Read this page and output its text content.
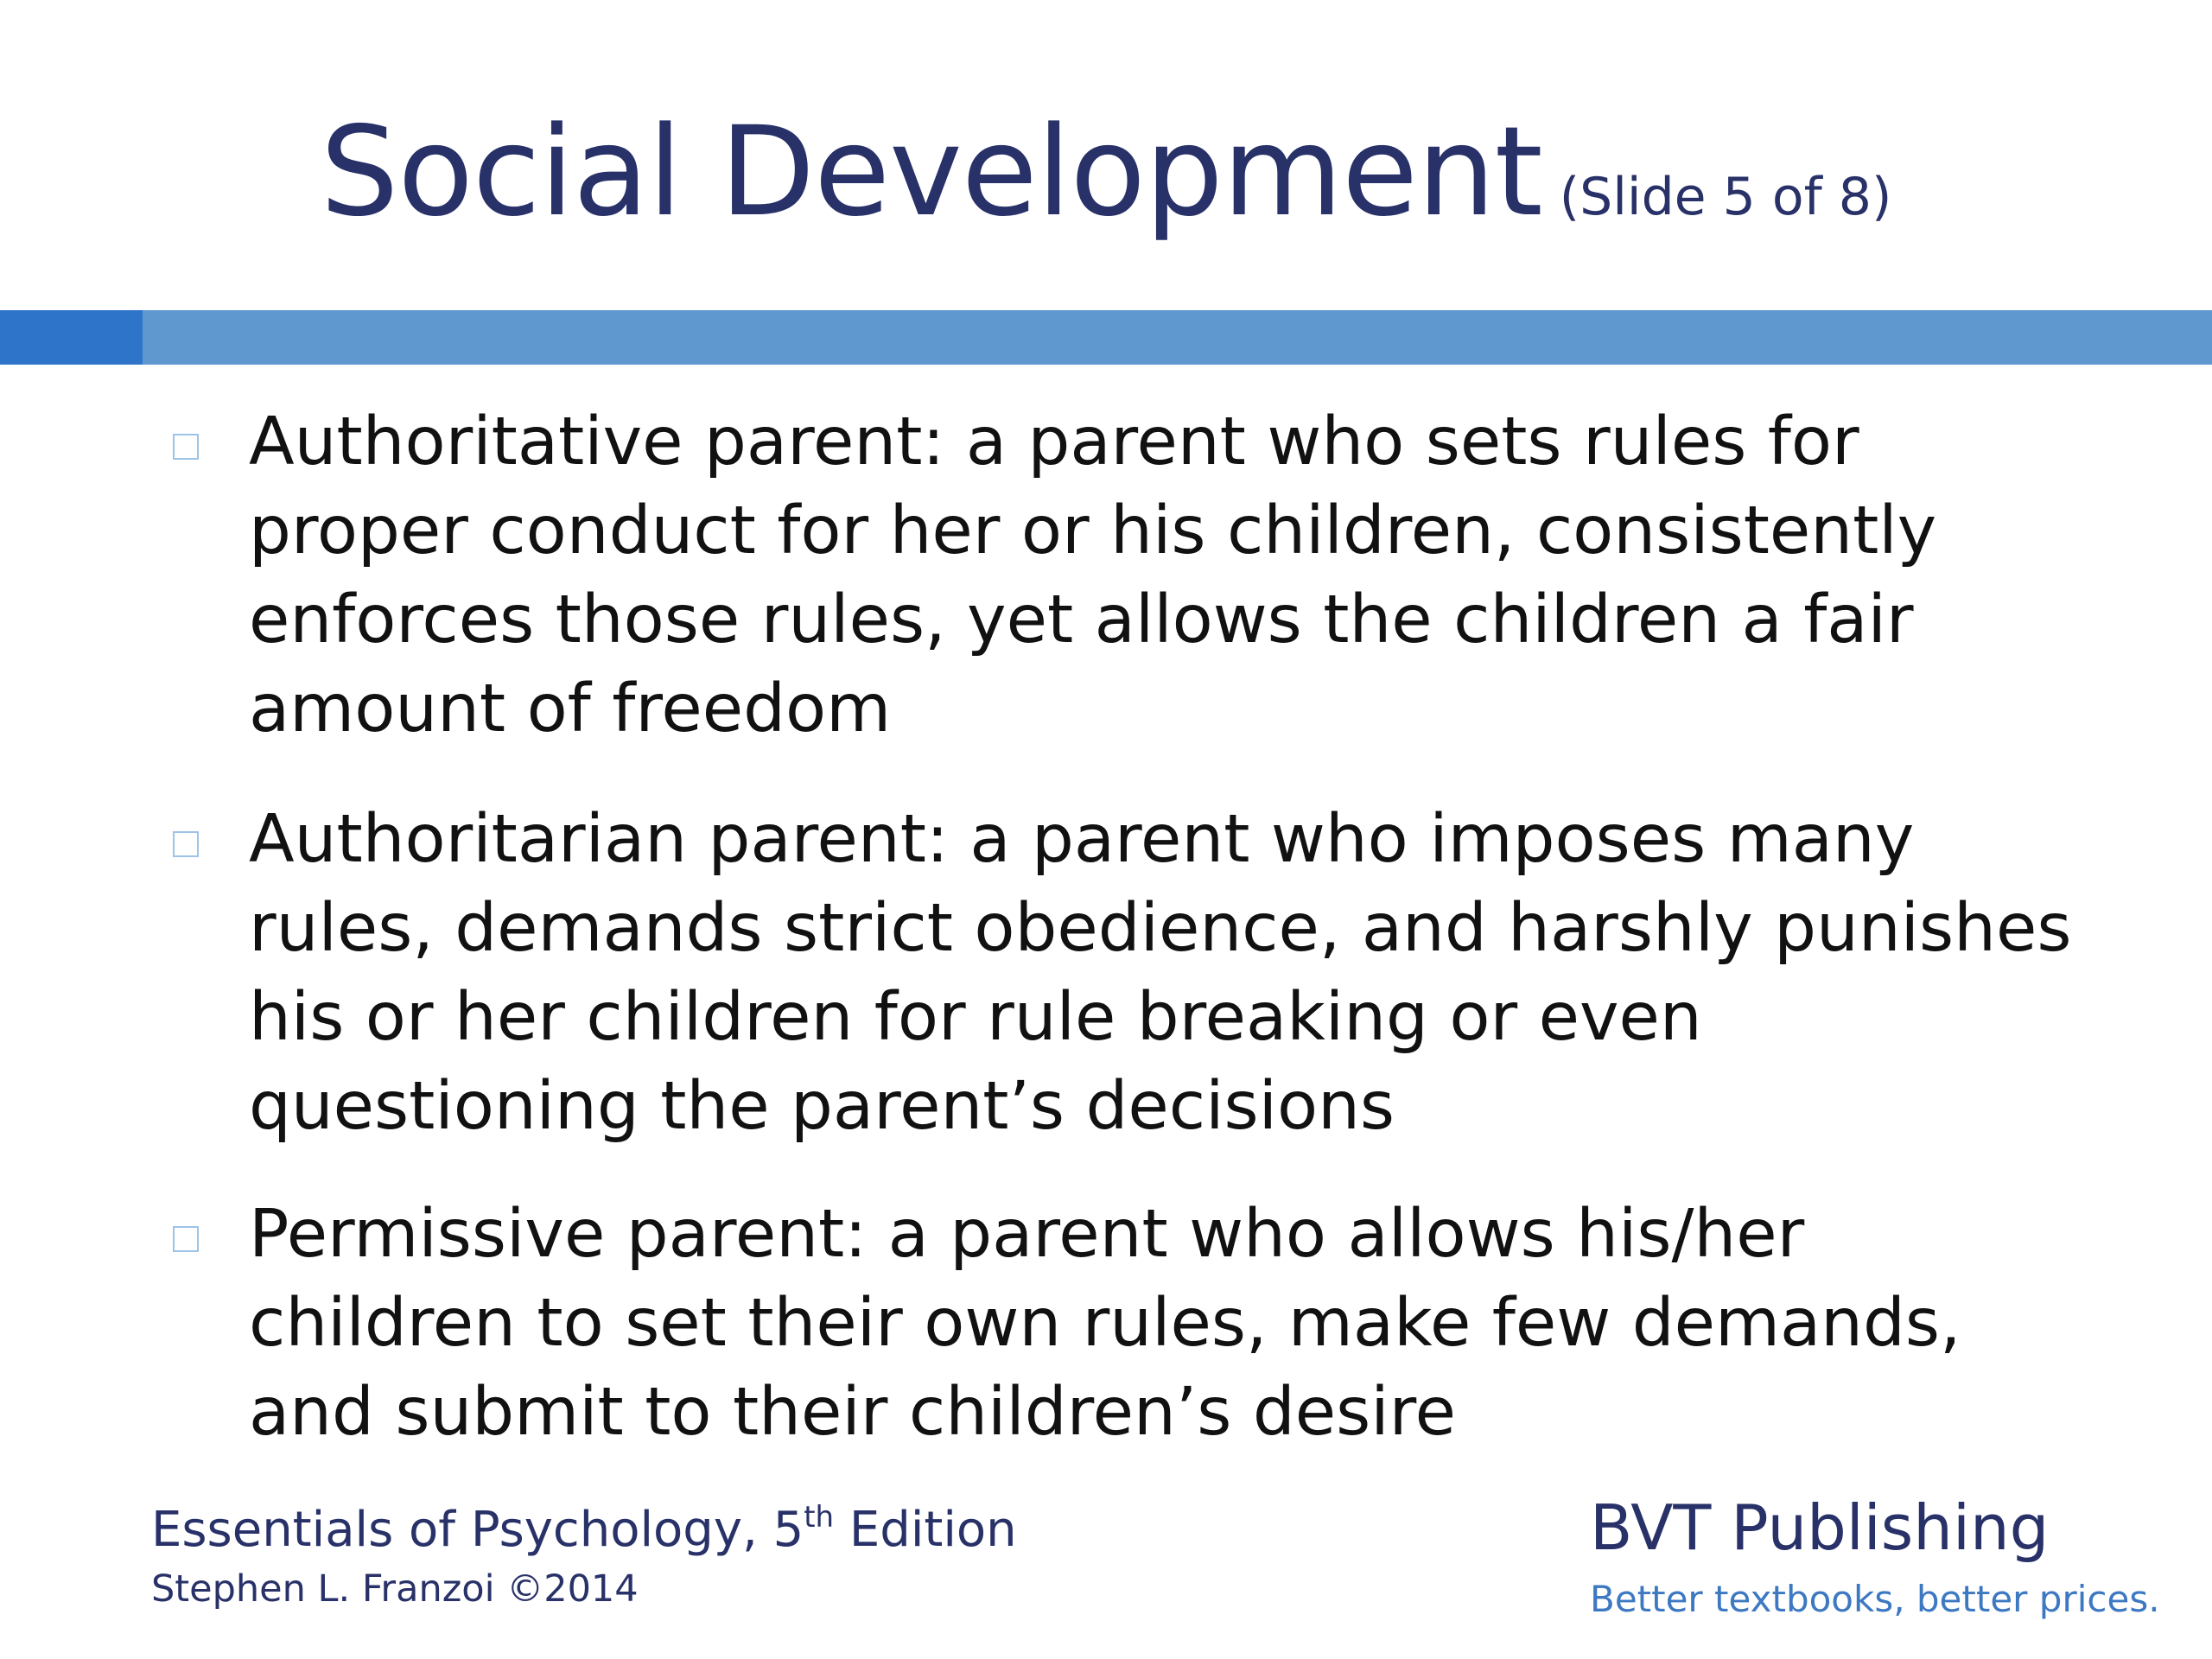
Social Development (Slide 5 of 8)
Authoritative parent: a parent who sets rules for proper conduct for her or his children, consistently enforces those rules, yet allows the children a fair amount of freedom
Authoritarian parent: a parent who imposes many rules, demands strict obedience, and harshly punishes his or her children for rule breaking or even questioning the parent’s decisions
Permissive parent: a parent who allows his/her children to set their own rules, make few demands, and submit to their children’s desire
Essentials of Psychology, 5th Edition
Stephen L. Franzoi ©2014
BVT Publishing
Better textbooks, better prices.
